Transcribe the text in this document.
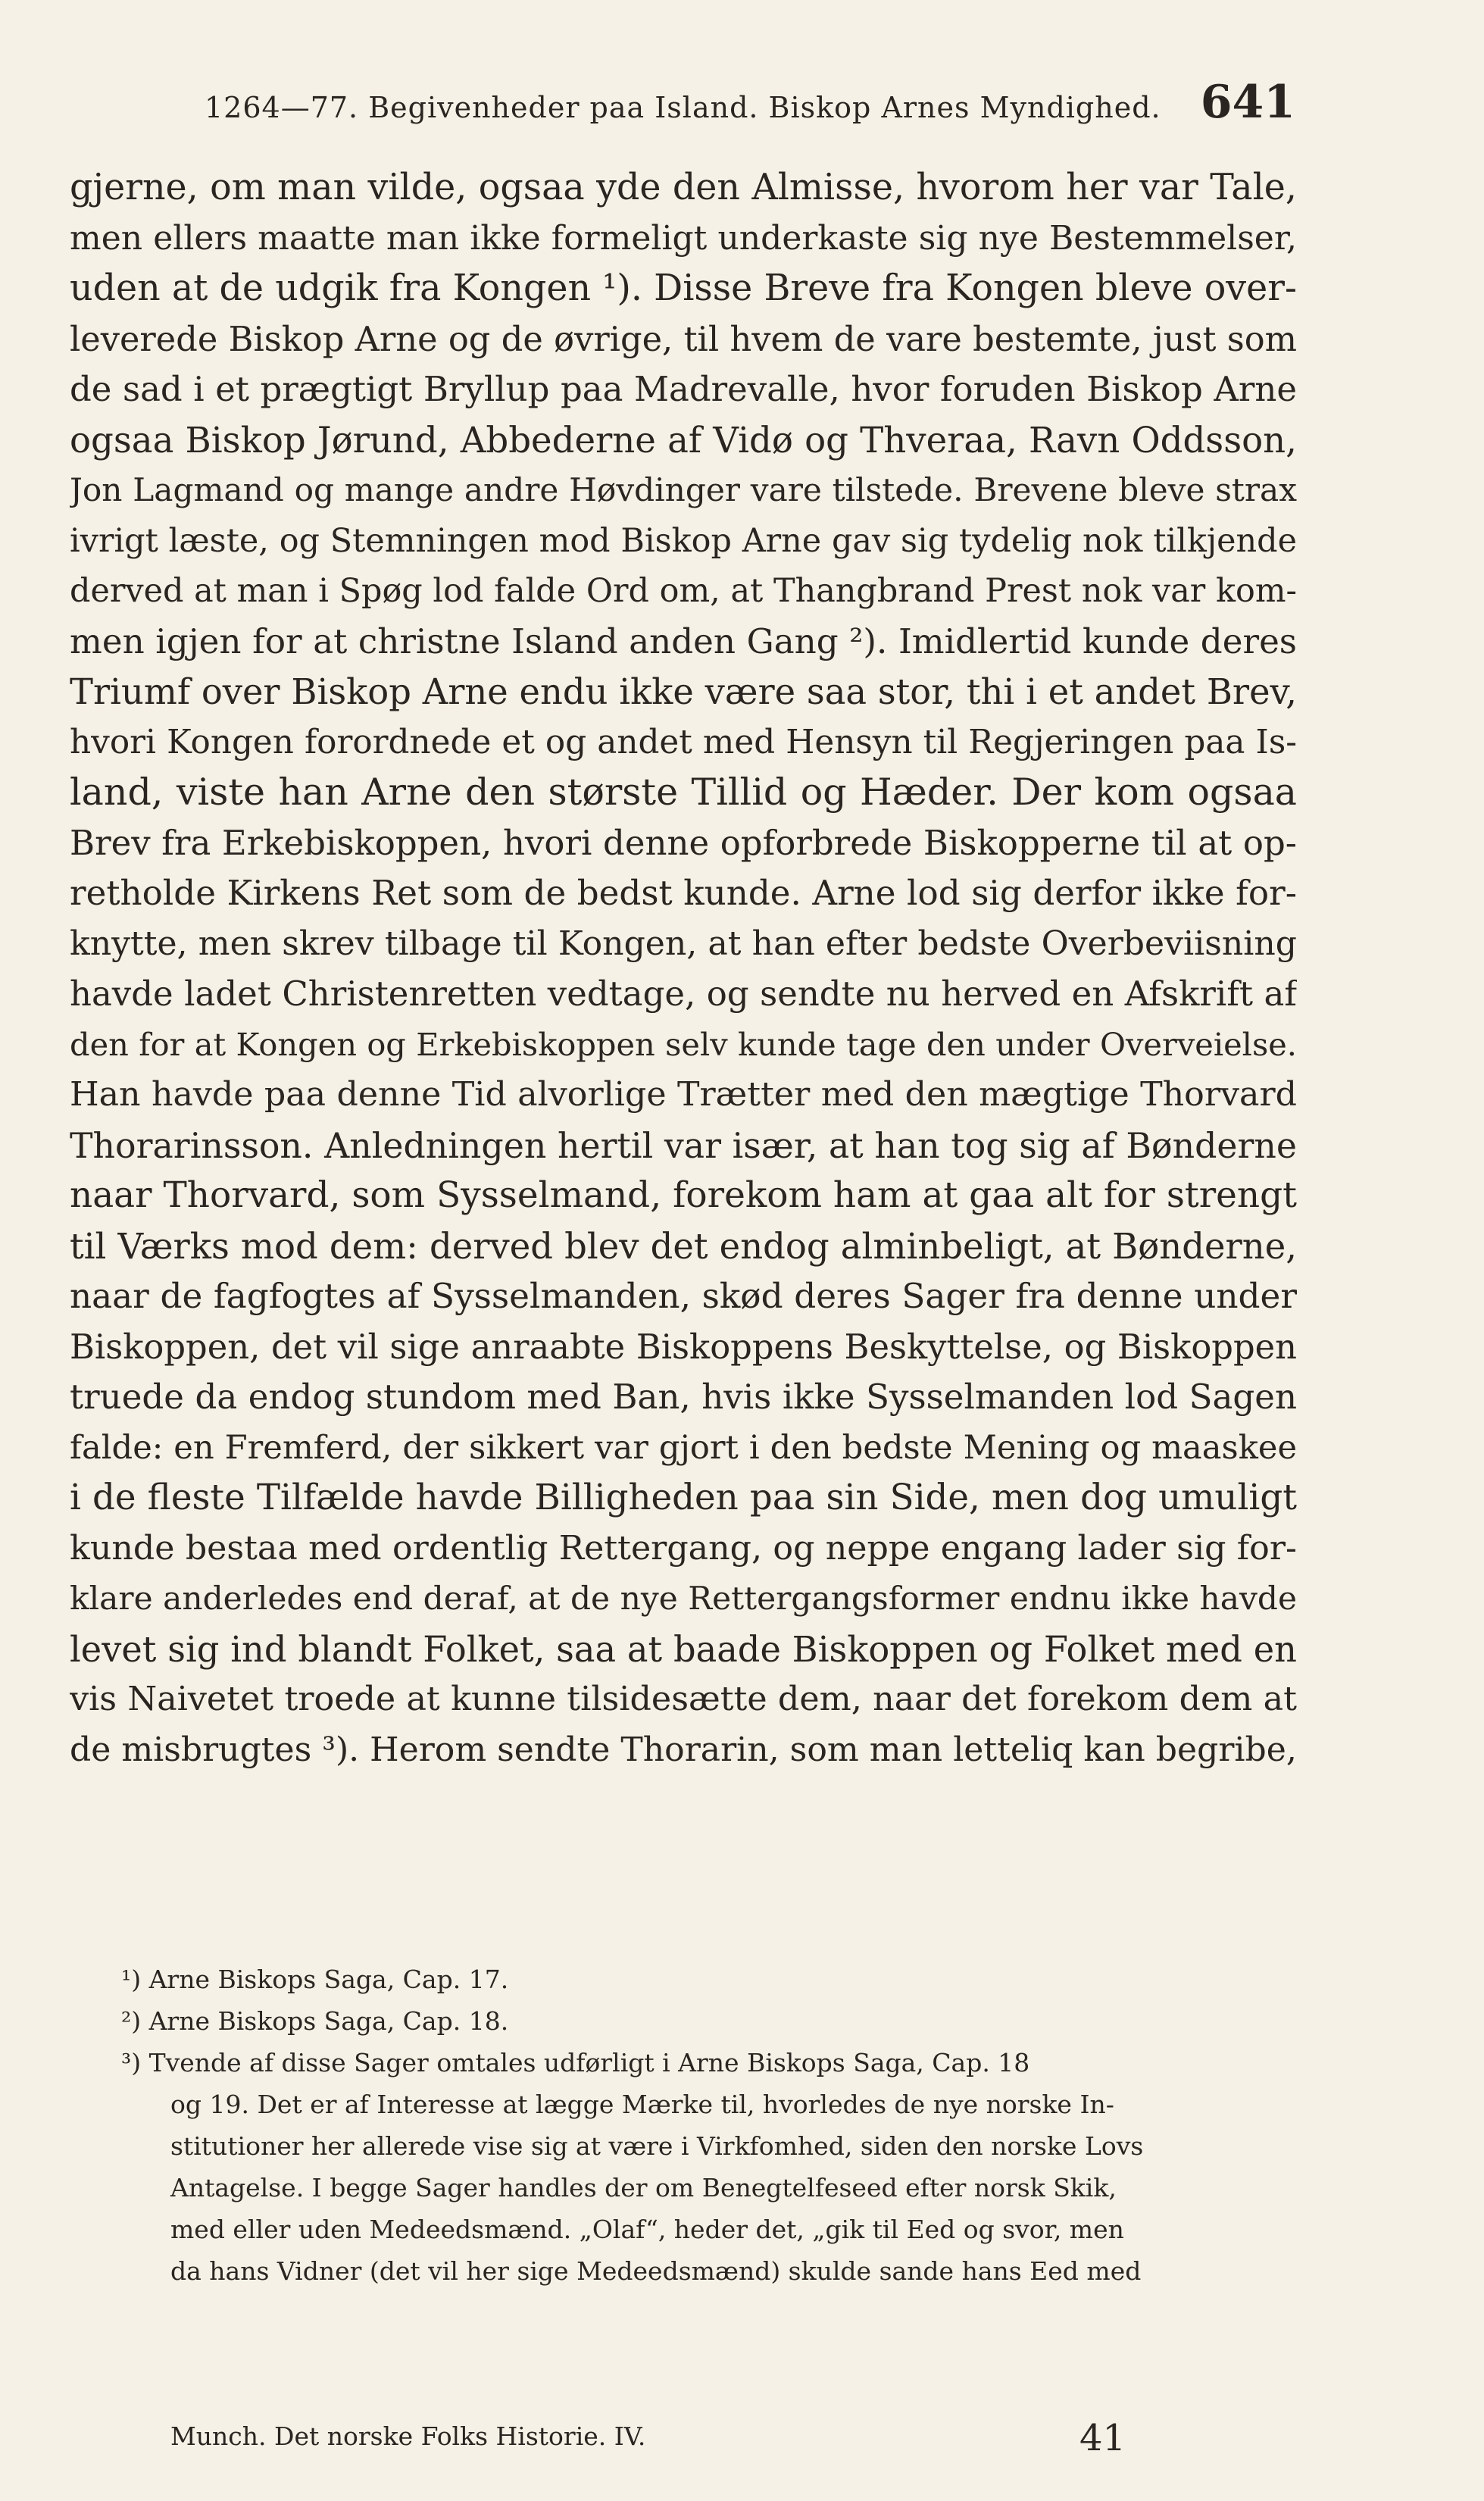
1264—77. Begivenheder paa Island. Biskop Arnes Myndighed. 641
gjerne, om man vilde, ogsaa yde den Almisse, hvorom her var Tale,
men ellers maatte man ikke formeligt underkaste sig nye Bestemmelser,
uden at de udgik fra Kongen ¹). Disse Breve fra Kongen bleve over-
leverede Biskop Arne og de øvrige, til hvem de vare bestemte, just som
de sad i et prægtigt Bryllup paa Madrevalle, hvor foruden Biskop Arne
ogsaa Biskop Jørund, Abbederne af Vidø og Thveraa, Ravn Oddsson,
Jon Lagmand og mange andre Høvdinger vare tilstede. Brevene bleve strax
ivrigt læste, og Stemningen mod Biskop Arne gav sig tydelig nok tilkjende
derved at man i Spøg lod falde Ord om, at Thangbrand Prest nok var kom-
men igjen for at christne Island anden Gang ²). Imidlertid kunde deres
Triumf over Biskop Arne endu ikke være saa stor, thi i et andet Brev,
hvori Kongen forordnede et og andet med Hensyn til Regjeringen paa Is-
land, viste han Arne den største Tillid og Hæder. Der kom ogsaa
Brev fra Erkebiskoppen, hvori denne opforbrede Biskopperne til at op-
retholde Kirkens Ret som de bedst kunde. Arne lod sig derfor ikke for-
knytte, men skrev tilbage til Kongen, at han efter bedste Overbeviisning
havde ladet Christenretten vedtage, og sendte nu herved en Afskrift af
den for at Kongen og Erkebiskoppen selv kunde tage den under Overveielse.
Han havde paa denne Tid alvorlige Trætter med den mægtige Thorvard
Thorarinsson. Anledningen hertil var især, at han tog sig af Bønderne
naar Thorvard, som Sysselmand, forekom ham at gaa alt for strengt
til Værks mod dem: derved blev det endog alminbeligt, at Bønderne,
naar de fagfogtes af Sysselmanden, skød deres Sager fra denne under
Biskoppen, det vil sige anraabte Biskoppens Beskyttelse, og Biskoppen
truede da endog stundom med Ban, hvis ikke Sysselmanden lod Sagen
falde: en Fremferd, der sikkert var gjort i den bedste Mening og maaskee
i de fleste Tilfælde havde Billigheden paa sin Side, men dog umuligt
kunde bestaa med ordentlig Rettergang, og neppe engang lader sig for-
klare anderledes end deraf, at de nye Rettergangsformer endnu ikke havde
levet sig ind blandt Folket, saa at baade Biskoppen og Folket med en
vis Naivetet troede at kunne tilsidesætte dem, naar det forekom dem at
de misbrugtes ³). Herom sendte Thorarin, som man letteliq kan begribe,
¹) Arne Biskops Saga, Cap. 17.
²) Arne Biskops Saga, Cap. 18.
³) Tvende af disse Sager omtales udførligt i Arne Biskops Saga, Cap. 18
og 19. Det er af Interesse at lægge Mærke til, hvorledes de nye norske In-
stitutioner her allerede vise sig at være i Virkfomhed, siden den norske Lovs
Antagelse. I begge Sager handles der om Benegtelfeseed efter norsk Skik,
med eller uden Medeedsmænd. „Olaf“, heder det, „gik til Eed og svor, men
da hans Vidner (det vil her sige Medeedsmænd) skulde sande hans Eed med
Munch. Det norske Folks Historie. IV.	41
